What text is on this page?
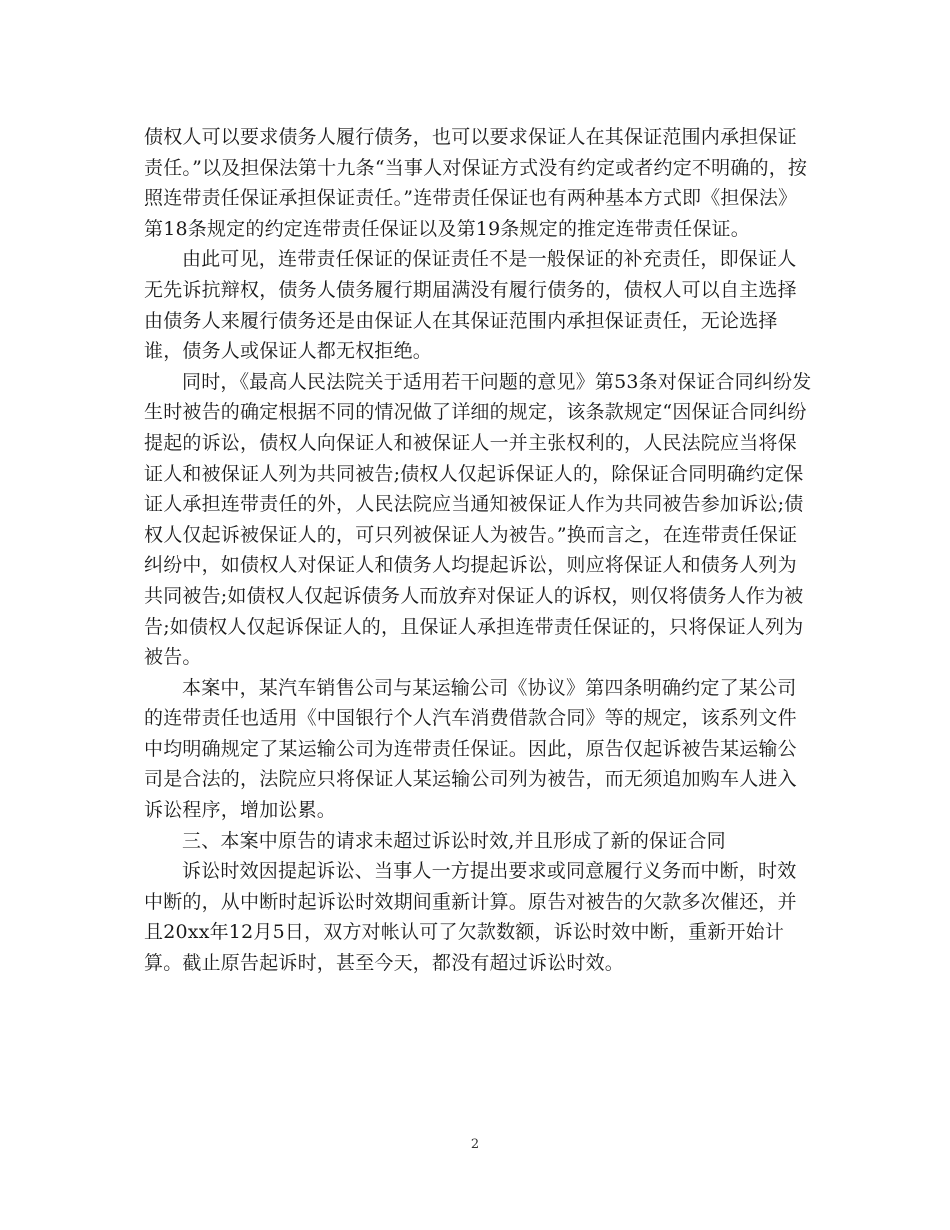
债权人可以要求债务人履行债务，也可以要求保证人在其保证范围内承担保证责任。”以及担保法第十九条“当事人对保证方式没有约定或者约定不明确的，按照连带责任保证承担保证责任。”连带责任保证也有两种基本方式即《担保法》第18条规定的约定连带责任保证以及第19条规定的推定连带责任保证。

由此可见，连带责任保证的保证责任不是一般保证的补充责任，即保证人无先诉抗辩权，债务人债务履行期届满没有履行债务的，债权人可以自主选择由债务人来履行债务还是由保证人在其保证范围内承担保证责任，无论选择谁，债务人或保证人都无权拒绝。

同时，《最高人民法院关于适用若干问题的意见》第53条对保证合同纠纷发生时被告的确定根据不同的情况做了详细的规定，该条款规定“因保证合同纠纷提起的诉讼，债权人向保证人和被保证人一并主张权利的，人民法院应当将保证人和被保证人列为共同被告;债权人仅起诉保证人的，除保证合同明确约定保证人承担连带责任的外，人民法院应当通知被保证人作为共同被告参加诉讼;债权人仅起诉被保证人的，可只列被保证人为被告。”换而言之，在连带责任保证纠纷中，如债权人对保证人和债务人均提起诉讼，则应将保证人和债务人列为共同被告;如债权人仅起诉债务人而放弃对保证人的诉权，则仅将债务人作为被告;如债权人仅起诉保证人的，且保证人承担连带责任保证的，只将保证人列为被告。

本案中，某汽车销售公司与某运输公司《协议》第四条明确约定了某公司的连带责任也适用《中国银行个人汽车消费借款合同》等的规定，该系列文件中均明确规定了某运输公司为连带责任保证。因此，原告仅起诉被告某运输公司是合法的，法院应只将保证人某运输公司列为被告，而无须追加购车人进入诉讼程序，增加讼累。

三、本案中原告的请求未超过诉讼时效,并且形成了新的保证合同

诉讼时效因提起诉讼、当事人一方提出要求或同意履行义务而中断，时效中断的，从中断时起诉讼时效期间重新计算。原告对被告的欠款多次催还，并且20xx年12月5日，双方对帐认可了欠款数额，诉讼时效中断，重新开始计算。截止原告起诉时，甚至今天，都没有超过诉讼时效。

2
